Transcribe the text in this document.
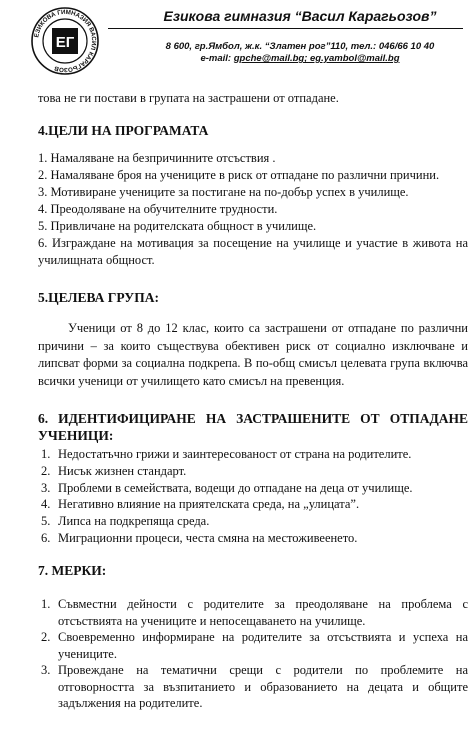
ЕЗИКОВА ГИМНАЗИЯ ВАСИЛ КАРАГЬОЗОВ
ЕГ
Езикова гимназия “Васил Карагьозов”
8 600, гр.Ямбол, ж.к. “Златен рог”110, тел.: 046/66 10 40
e-mail: gpche@mail.bg; eg.yambol@mail.bg
това не ги постави в групата на застрашени от отпадане.
4.ЦЕЛИ НА ПРОГРАМАТА
1. Намаляване на безпричинните отсъствия .
2. Намаляване броя на учениците в риск от отпадане по различни причини.
3. Мотивиране учениците за постигане на по-добър успех в училище.
4. Преодоляване на обучителните трудности.
5. Привличане на родителската общност в училище.
6. Изграждане на мотивация за посещение на училище и участие в живота на училищната общност.
5.ЦЕЛЕВА ГРУПА:
Ученици от 8 до 12 клас, които са застрашени от отпадане по различни причини – за които съществува обективен риск от социално изключване и липсват форми за социална подкрепа. В по-общ смисъл целевата група включва всички ученици от училището като смисъл на превенция.
6. ИДЕНТИФИЦИРАНЕ НА ЗАСТРАШЕНИТЕ ОТ ОТПАДАНЕ УЧЕНИЦИ:
1. Недостатъчно грижи и заинтересованост от страна на родителите.
2. Нисък жизнен стандарт.
3. Проблеми в семействата, водещи до отпадане на деца от училище.
4. Негативно влияние на приятелската среда, на „улицата”.
5. Липса на подкрепяща среда.
6. Миграционни процеси, честа смяна на местоживеенето.
7. МЕРКИ:
1. Съвместни дейности с родителите за преодоляване на проблема с отсъствията на учениците и непосещаването на училище.
2. Своевременно информиране на родителите за отсъствията и успеха на учениците.
3. Провеждане на тематични срещи с родители по проблемите на отговорността за възпитанието и образованието на децата и общите задължения на родителите.
